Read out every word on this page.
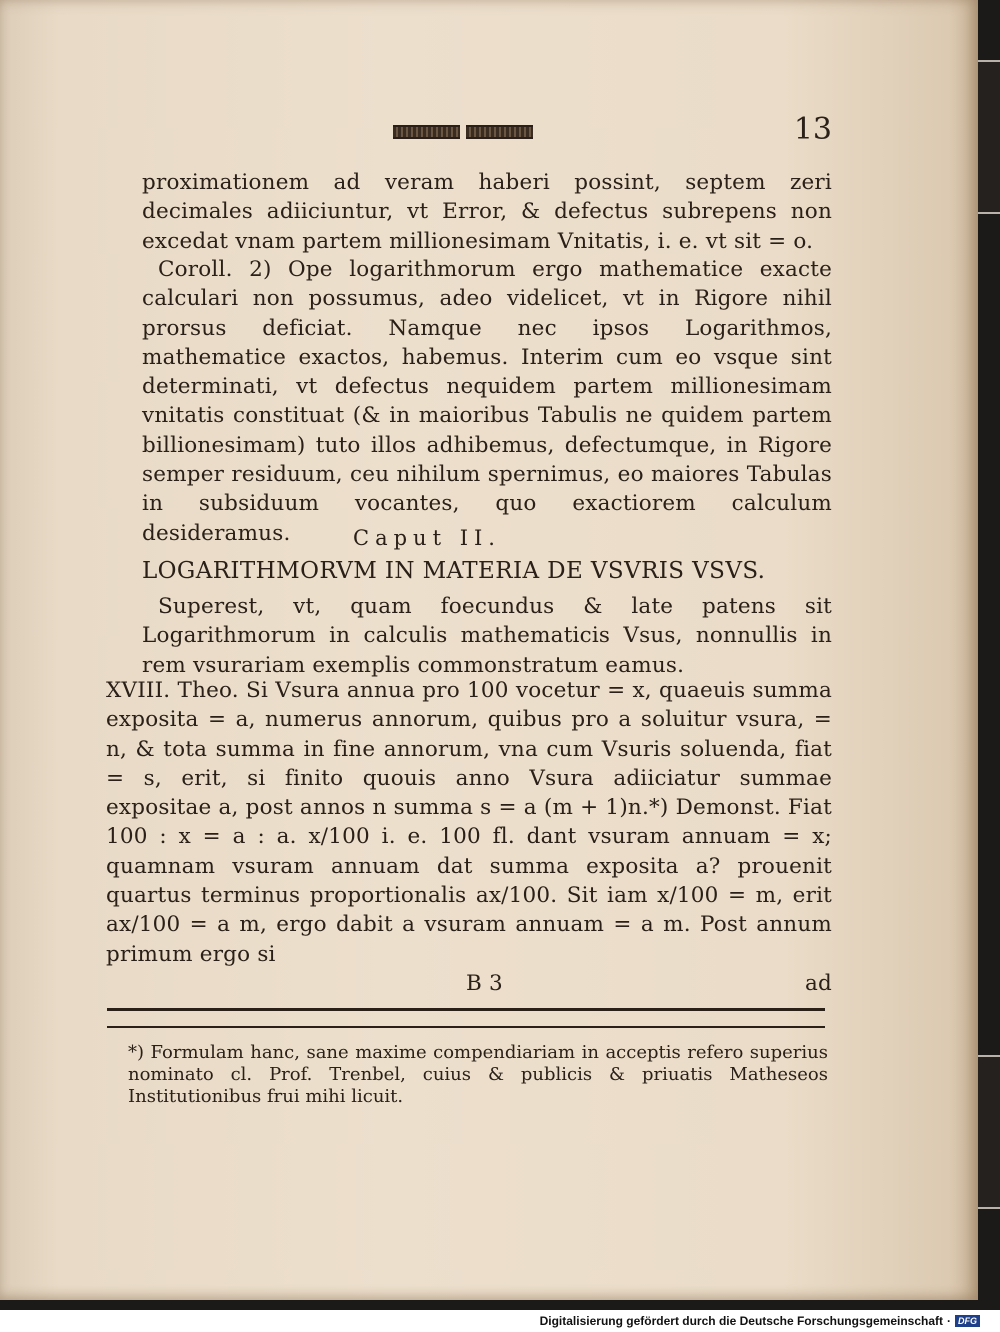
13
proximationem ad veram haberi possint, septem zeri decimales adiiciuntur, vt Error, & defectus subrepens non excedat vnam partem millionesimam Vnitatis, i. e. vt sit = o.
Coroll. 2) Ope logarithmorum ergo mathematice exacte calculari non possumus, adeo videlicet, vt in Rigore nihil prorsus deficiat. Namque nec ipsos Logarithmos, mathematice exactos, habemus. Interim cum eo vsque sint determinati, vt defectus nequidem partem millionesimam vnitatis constituat (& in maioribus Tabulis ne quidem partem billionesimam) tuto illos adhibemus, defectumque, in Rigore semper residuum, ceu nihilum spernimus, eo maiores Tabulas in subsiduum vocantes, quo exactiorem calculum desideramus.	Caput II.
LOGARITHMORVM IN MATERIA DE VSVRIS VSVS.
Superest, vt, quam foecundus & late patens sit Logarithmorum in calculis mathematicis Vsus, nonnullis in rem vsurariam exemplis commonstratum eamus.
XVIII. Theo. Si Vsura annua pro 100 vocetur = x, quaeuis summa exposita = a, numerus annorum, quibus pro a soluitur vsura, = n, & tota summa in fine annorum, vna cum Vsuris soluenda, fiat = s, erit, si finito quouis anno Vsura adiiciatur summae expositae a, post annos n summa s = a (m + 1)n.*) Demonst. Fiat 100 : x = a : a. x/100 i. e. 100 fl. dant vsuram annuam = x; quamnam vsuram annuam dat summa exposita a? prouenit quartus terminus proportionalis ax/100. Sit iam x/100 = m, erit ax/100 = a m, ergo dabit a vsuram annuam = a m. Post annum primum ergo si
B 3	ad
*) Formulam hanc, sane maxime compendiariam in acceptis refero superius nominato cl. Prof. Trenbel, cuius & publicis & priuatis Matheseos Institutionibus frui mihi licuit.
Digitalisierung gefördert durch die Deutsche Forschungsgemeinschaft · DFG
